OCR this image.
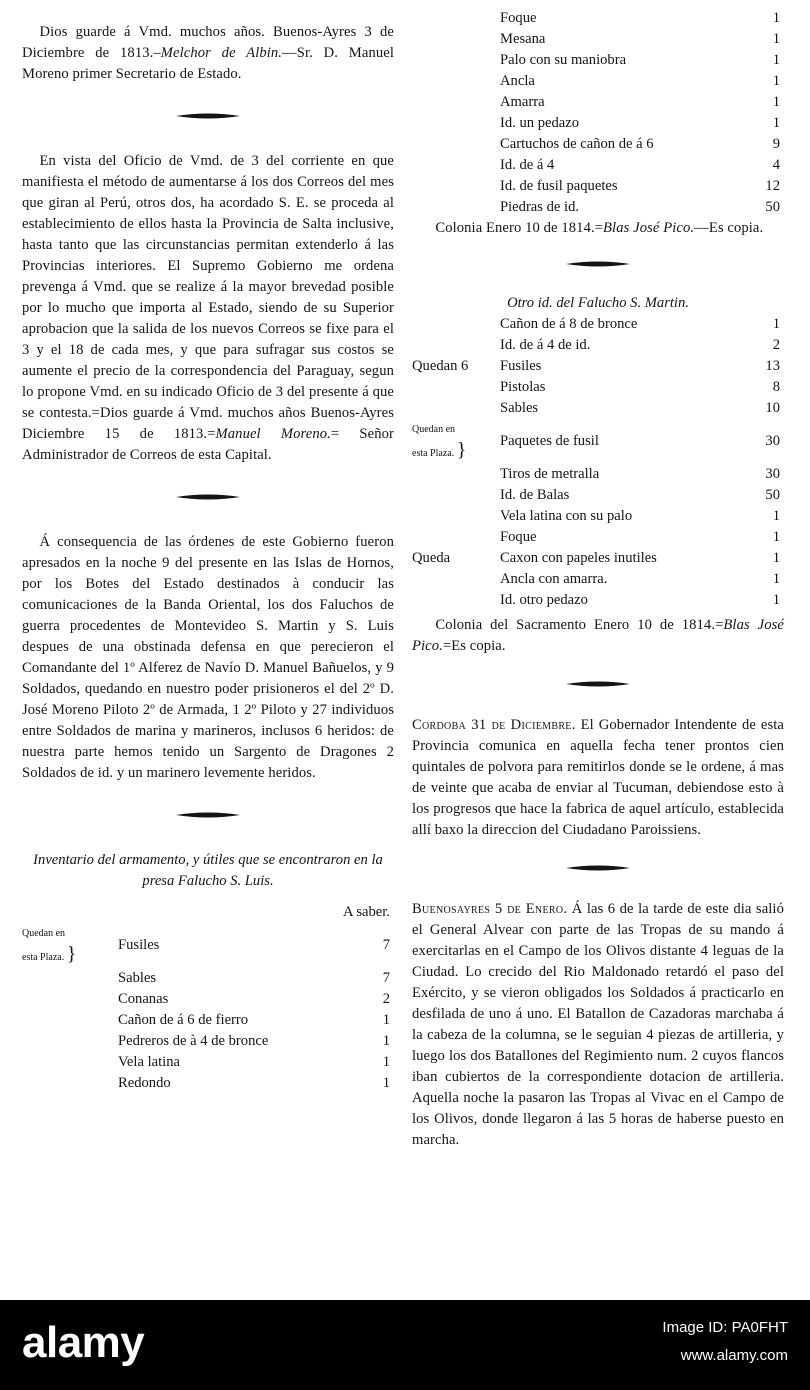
Dios guarde á Vmd. muchos años. Buenos-Ayres 3 de Diciembre de 1813.–Melchor de Albin.—Sr. D. Manuel Moreno primer Secretario de Estado.

En vista del Oficio de Vmd. de 3 del corriente en que manifiesta el método de aumentarse á los dos Correos del mes que giran al Perú, otros dos, ha acordado S. E. se proceda al establecimiento de ellos hasta la Provincia de Salta inclusive, hasta tanto que las circunstancias permitan extenderlo á las Provincias interiores. El Supremo Gobierno me ordena prevenga á Vmd. que se realize á la mayor brevedad posible por lo mucho que importa al Estado, siendo de su Superior aprobacion que la salida de los nuevos Correos se fixe para el 3 y el 18 de cada mes, y que para sufragar sus costos se aumente el precio de la correspondencia del Paraguay, segun lo propone Vmd. en su indicado Oficio de 3 del presente á que se contesta.=Dios guarde á Vmd. muchos años Buenos-Ayres Diciembre 15 de 1813.=Manuel Moreno.= Señor Administrador de Correos de esta Capital.

Á consequencia de las órdenes de este Gobierno fueron apresados en la noche 9 del presente en las Islas de Hornos, por los Botes del Estado destinados à conducir las comunicaciones de la Banda Oriental, los dos Faluchos de guerra procedentes de Montevideo S. Martin y S. Luis despues de una obstinada defensa en que perecieron el Comandante del 1º Alferez de Navío D. Manuel Bañuelos, y 9 Soldados, quedando en nuestro poder prisioneros el del 2º D. José Moreno Piloto 2º de Armada, 1 2º Piloto y 27 individuos entre Soldados de marina y marineros, inclusos 6 heridos: de nuestra parte hemos tenido un Sargento de Dragones 2 Soldados de id. y un marinero levemente heridos.

Inventario del armamento, y útiles que se encontraron en la presa Falucho S. Luis.

		A saber.
Quedan en
esta Plaza. }	Fusiles	7
	Sables	7
	Conanas	2
	Cañon de á 6 de fierro	1
	Pedreros de à 4 de bronce	1
	Vela latina	1
	Redondo	1
	Foque	1
	Mesana	1
	Palo con su maniobra	1
	Ancla	1
	Amarra	1
	Id. un pedazo	1
	Cartuchos de cañon de á 6	9
	Id. de á 4	4
	Id. de fusil paquetes	12
	Piedras de id.	50

Colonia Enero 10 de 1814.=Blas José Pico.—Es copia.

Otro id. del Falucho S. Martin.

	Cañon de á 8 de bronce	1
	Id. de á 4 de id.	2
Quedan 6	Fusiles	13
	Pistolas	8
	Sables	10
Quedan en
esta Plaza. }	Paquetes de fusil	30
	Tiros de metralla	30
	Id. de Balas	50
	Vela latina con su palo	1
	Foque	1
Queda	Caxon con papeles inutiles	1
	Ancla con amarra.	1
	Id. otro pedazo	1

Colonia del Sacramento Enero 10 de 1814.=Blas José Pico.=Es copia.

Cordoba 31 de Diciembre. El Gobernador Intendente de esta Provincia comunica en aquella fecha tener prontos cien quintales de polvora para remitirlos donde se le ordene, á mas de veinte que acaba de enviar al Tucuman, debiendose esto à los progresos que hace la fabrica de aquel artículo, establecida allí baxo la direccion del Ciudadano Paroissiens.

Buenosayres 5 de Enero. Á las 6 de la tarde de este dia salió el General Alvear con parte de las Tropas de su mando á exercitarlas en el Campo de los Olivos distante 4 leguas de la Ciudad. Lo crecido del Rio Maldonado retardó el paso del Exército, y se vieron obligados los Soldados á practicarlo en desfilada de uno á uno. El Batallon de Cazadoras marchaba á la cabeza de la columna, se le seguian 4 piezas de artilleria, y luego los dos Batallones del Regimiento num. 2 cuyos flancos iban cubiertos de la correspondiente dotacion de artilleria. Aquella noche la pasaron las Tropas al Vivac en el Campo de los Olivos, donde llegaron á las 5 horas de haberse puesto en marcha.

alamy	Image ID: PA0FHT
www.alamy.com
